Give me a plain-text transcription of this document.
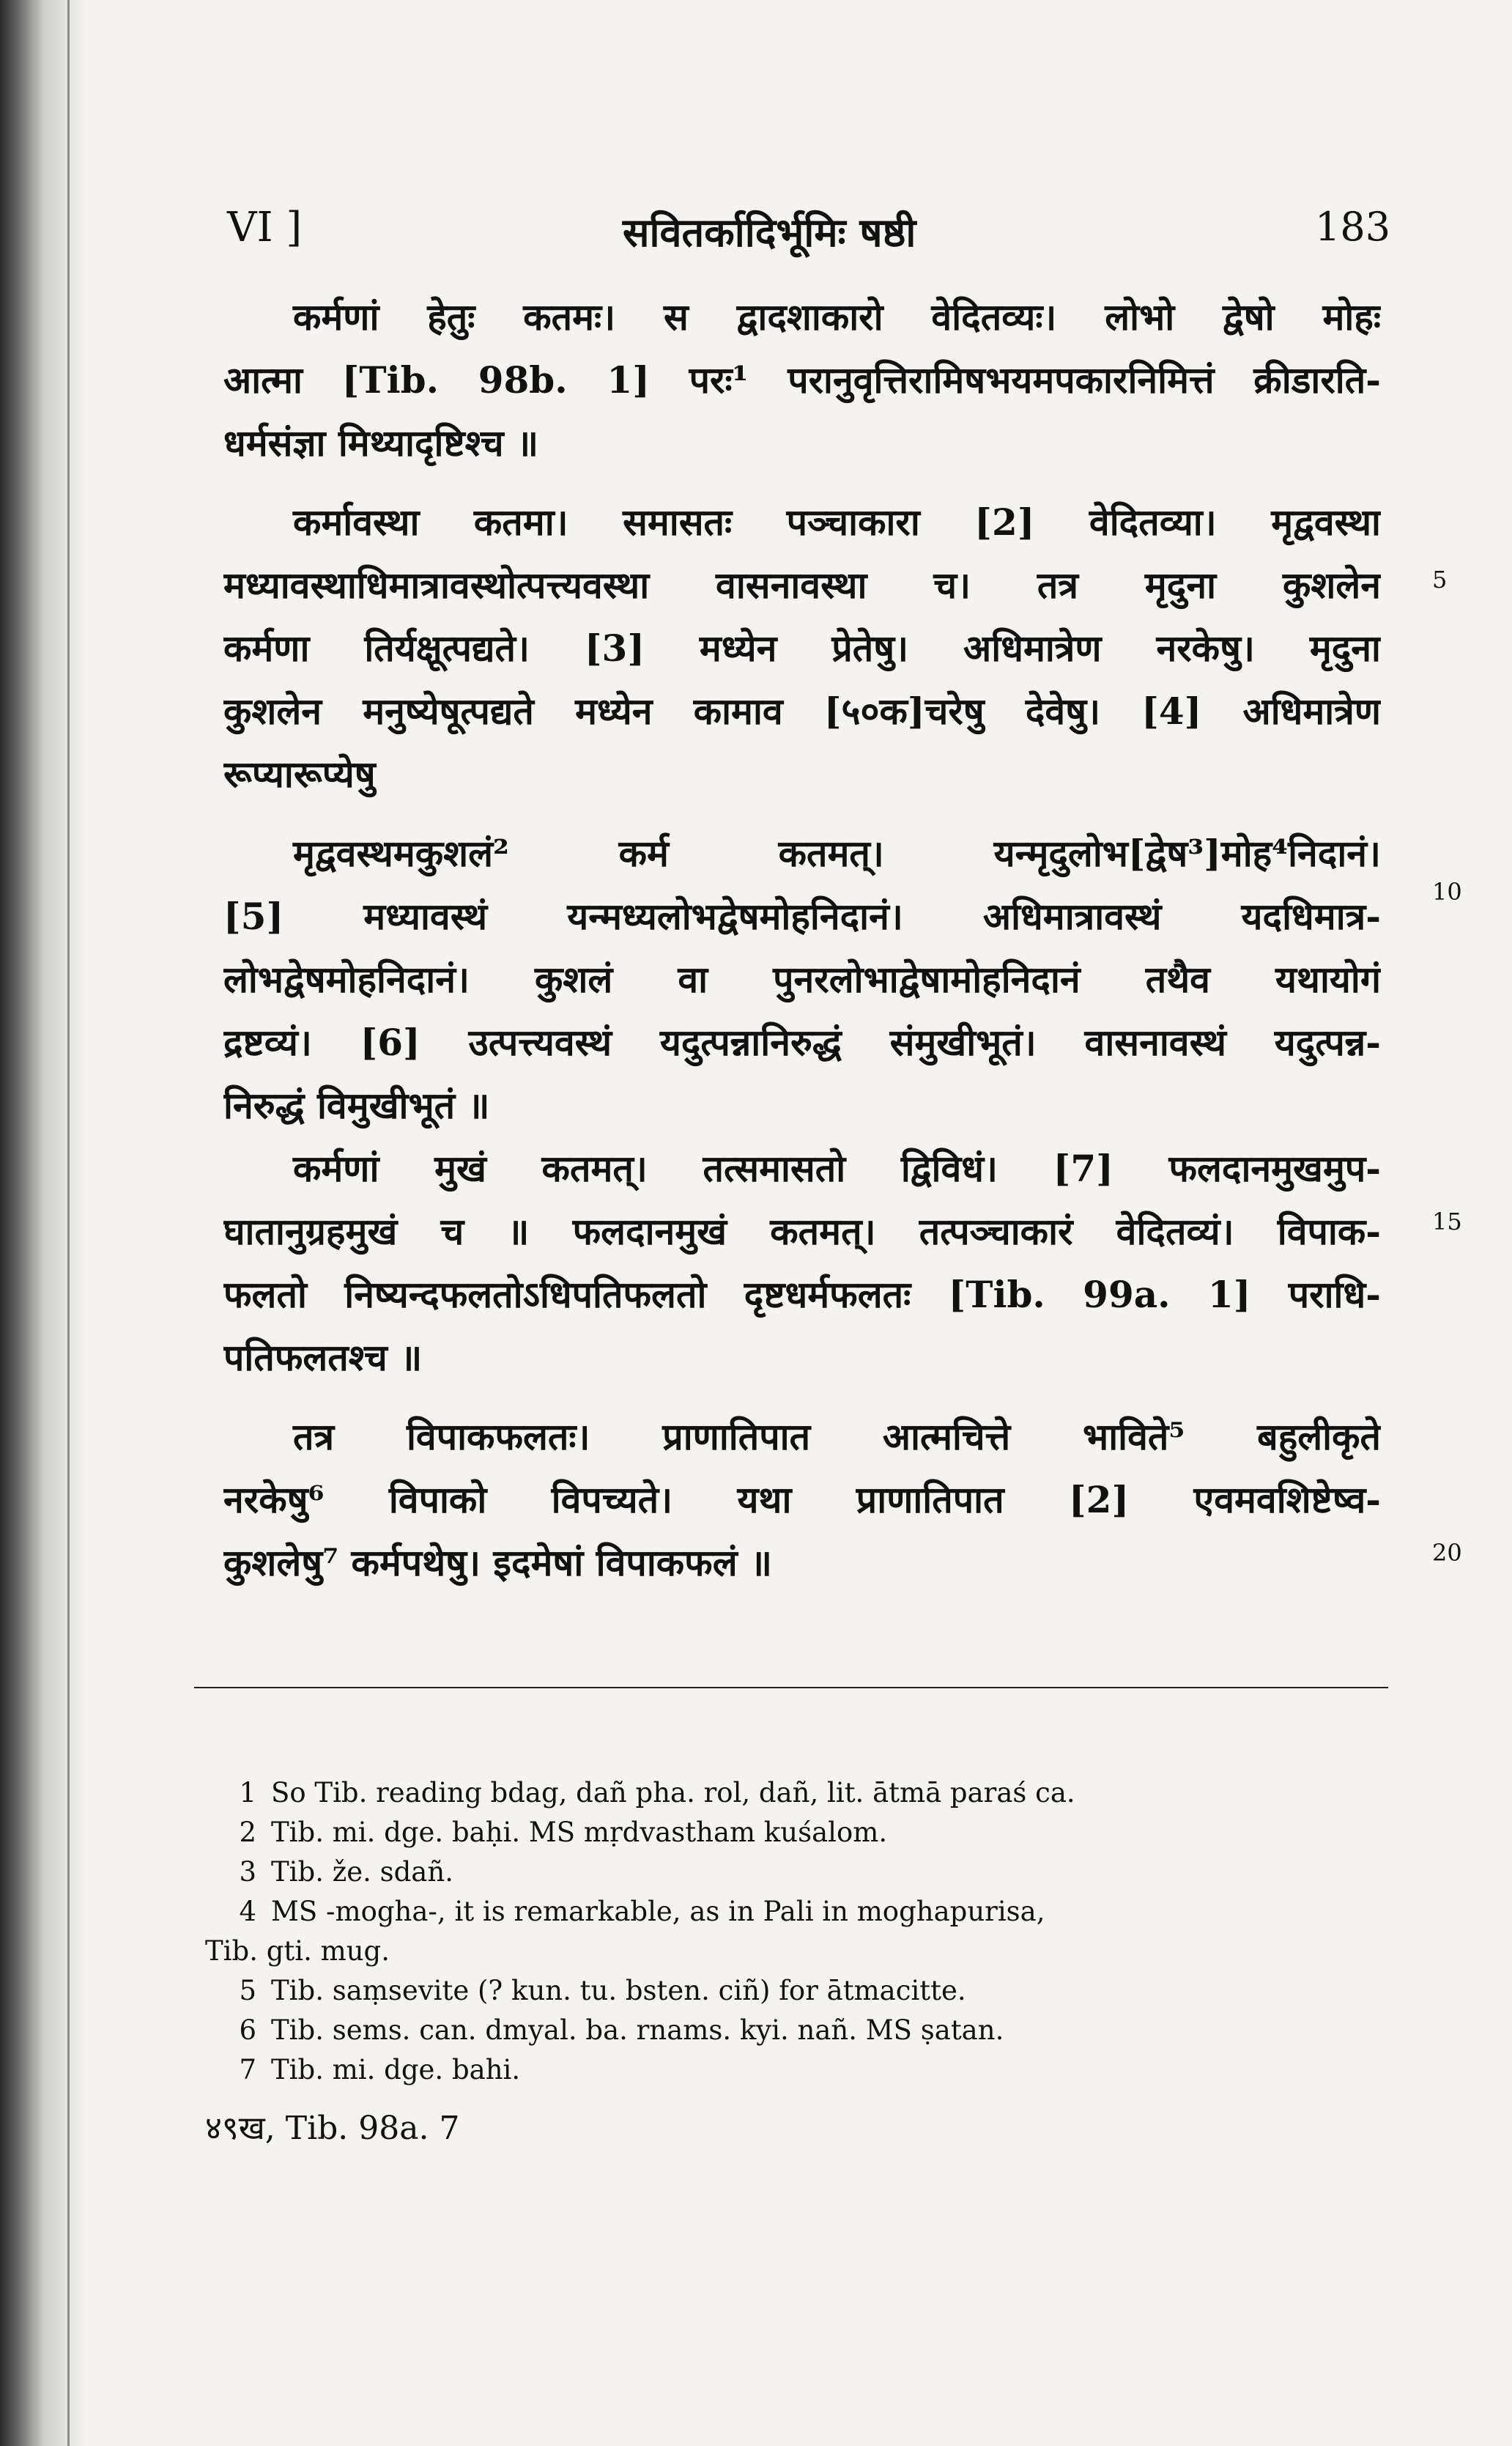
VI ]	सवितर्कादिर्भूमिः षष्ठी	183
कर्मणां हेतुः कतमः। स द्वादशाकारो वेदितव्यः। लोभो द्वेषो मोहः
आत्मा [Tib. 98b. 1] परः¹ परानुवृत्तिरामिषभयमपकारनिमित्तं क्रीडारति-
धर्मसंज्ञा मिथ्यादृष्टिश्च ॥
कर्मावस्था कतमा। समासतः पञ्चाकारा [2] वेदितव्या। मृद्ववस्था
मध्यावस्थाधिमात्रावस्थोत्पत्त्यवस्था वासनावस्था च। तत्र मृदुना कुशलेन
कर्मणा तिर्यक्षूत्पद्यते। [3] मध्येन प्रेतेषु। अधिमात्रेण नरकेषु। मृदुना
कुशलेन मनुष्येषूत्पद्यते मध्येन कामाव [५०क]चरेषु देवेषु। [4] अधिमात्रेण
रूप्यारूप्येषु
मृद्ववस्थमकुशलं² कर्म कतमत्। यन्मृदुलोभ[द्वेष³]मोह⁴निदानं।
[5] मध्यावस्थं यन्मध्यलोभद्वेषमोहनिदानं। अधिमात्रावस्थं यदधिमात्र-
लोभद्वेषमोहनिदानं। कुशलं वा पुनरलोभाद्वेषामोहनिदानं तथैव यथायोगं
द्रष्टव्यं। [6] उत्पत्त्यवस्थं यदुत्पन्नानिरुद्धं संमुखीभूतं। वासनावस्थं यदुत्पन्न-
निरुद्धं विमुखीभूतं ॥
कर्मणां मुखं कतमत्। तत्समासतो द्विविधं। [7] फलदानमुखमुप-
घातानुग्रहमुखं च ॥ फलदानमुखं कतमत्। तत्पञ्चाकारं वेदितव्यं। विपाक-
फलतो निष्यन्दफलतोऽधिपतिफलतो दृष्टधर्मफलतः [Tib. 99a. 1] पराधि-
पतिफलतश्च ॥
तत्र विपाकफलतः। प्राणातिपात आत्मचित्ते भाविते⁵ बहुलीकृते
नरकेषु⁶ विपाको विपच्यते। यथा प्राणातिपात [2] एवमवशिष्टेष्व-
कुशलेषु⁷ कर्मपथेषु। इदमेषां विपाकफलं ॥
5
10
15
20
1 So Tib. reading bdag, dañ pha. rol, dañ, lit. ātmā paraś ca.
2 Tib. mi. dge. baḥi. MS mṛdvastham kuśalom.
3 Tib. že. sdañ.
4 MS -mogha-, it is remarkable, as in Pali in moghapurisa,
Tib. gti. mug.
5 Tib. saṃsevite (? kun. tu. bsten. ciñ) for ātmacitte.
6 Tib. sems. can. dmyal. ba. rnams. kyi. nañ. MS ṣatan.
7 Tib. mi. dge. bahi.
४९ख, Tib. 98a. 7
